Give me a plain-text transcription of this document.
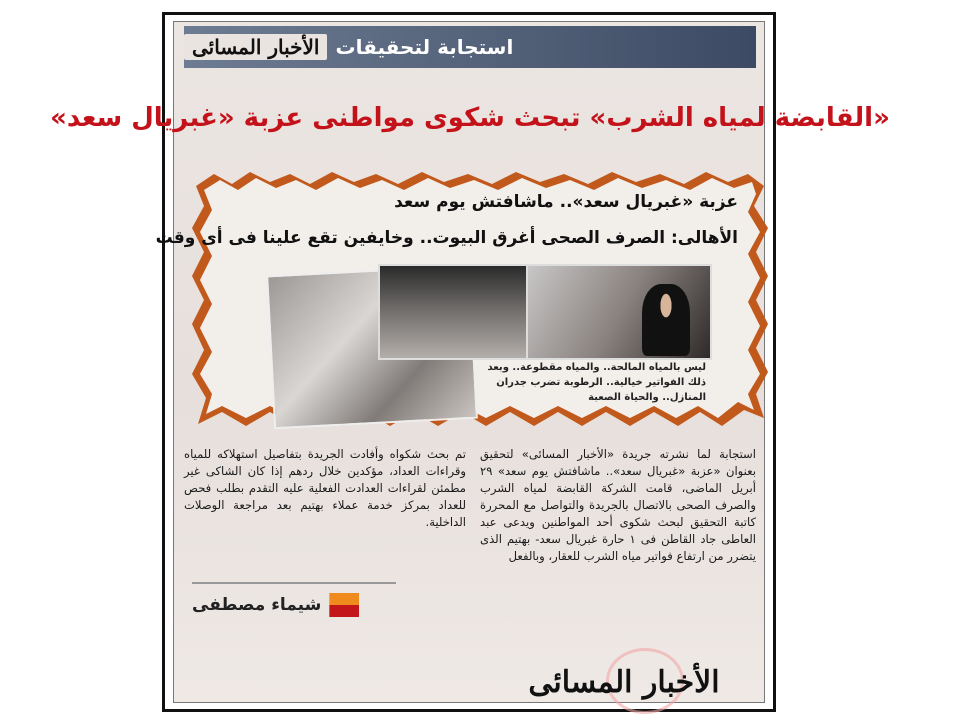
استجابة لتحقيقات
الأخبار المسائى
«القابضة لمياه الشرب» تبحث شكوى مواطنى عزبة «غبريال سعد»
عزبة «غبريال سعد».. ماشافتش يوم سعد
الأهالى: الصرف الصحى أغرق البيوت.. وخايفين تقع علينا فى أى وقت
ليس بالمياه المالحة.. والمياه مقطوعة.. وبعد ذلك الفواتير خيالية.. الرطوبة تضرب جدران المنازل.. والحياة الصعبة
استجابة لما نشرته جريدة «الأخبار المسائى» لتحقيق بعنوان «عزبة «غبريال سعد».. ماشافتش يوم سعد» ٢٩ أبريل الماضى، قامت الشركة القابضة لمياه الشرب والصرف الصحى بالاتصال بالجريدة والتواصل مع المحررة كاتبة التحقيق لبحث شكوى أحد المواطنين ويدعى عبد العاطى جاد القاطن فى ١ حارة غبريال سعد- بهتيم الذى يتضرر من ارتفاع فواتير مياه الشرب للعقار، وبالفعل
تم بحث شكواه وأفادت الجريدة بتفاصيل استهلاكه للمياه وقراءات العداد، مؤكدين خلال ردهم إذا كان الشاكى غير مطمئن لقراءات العدادت الفعلية عليه التقدم بطلب فحص للعداد بمركز خدمة عملاء بهتيم بعد مراجعة الوصلات الداخلية.
شيماء مصطفى
الأخبار المسائى
